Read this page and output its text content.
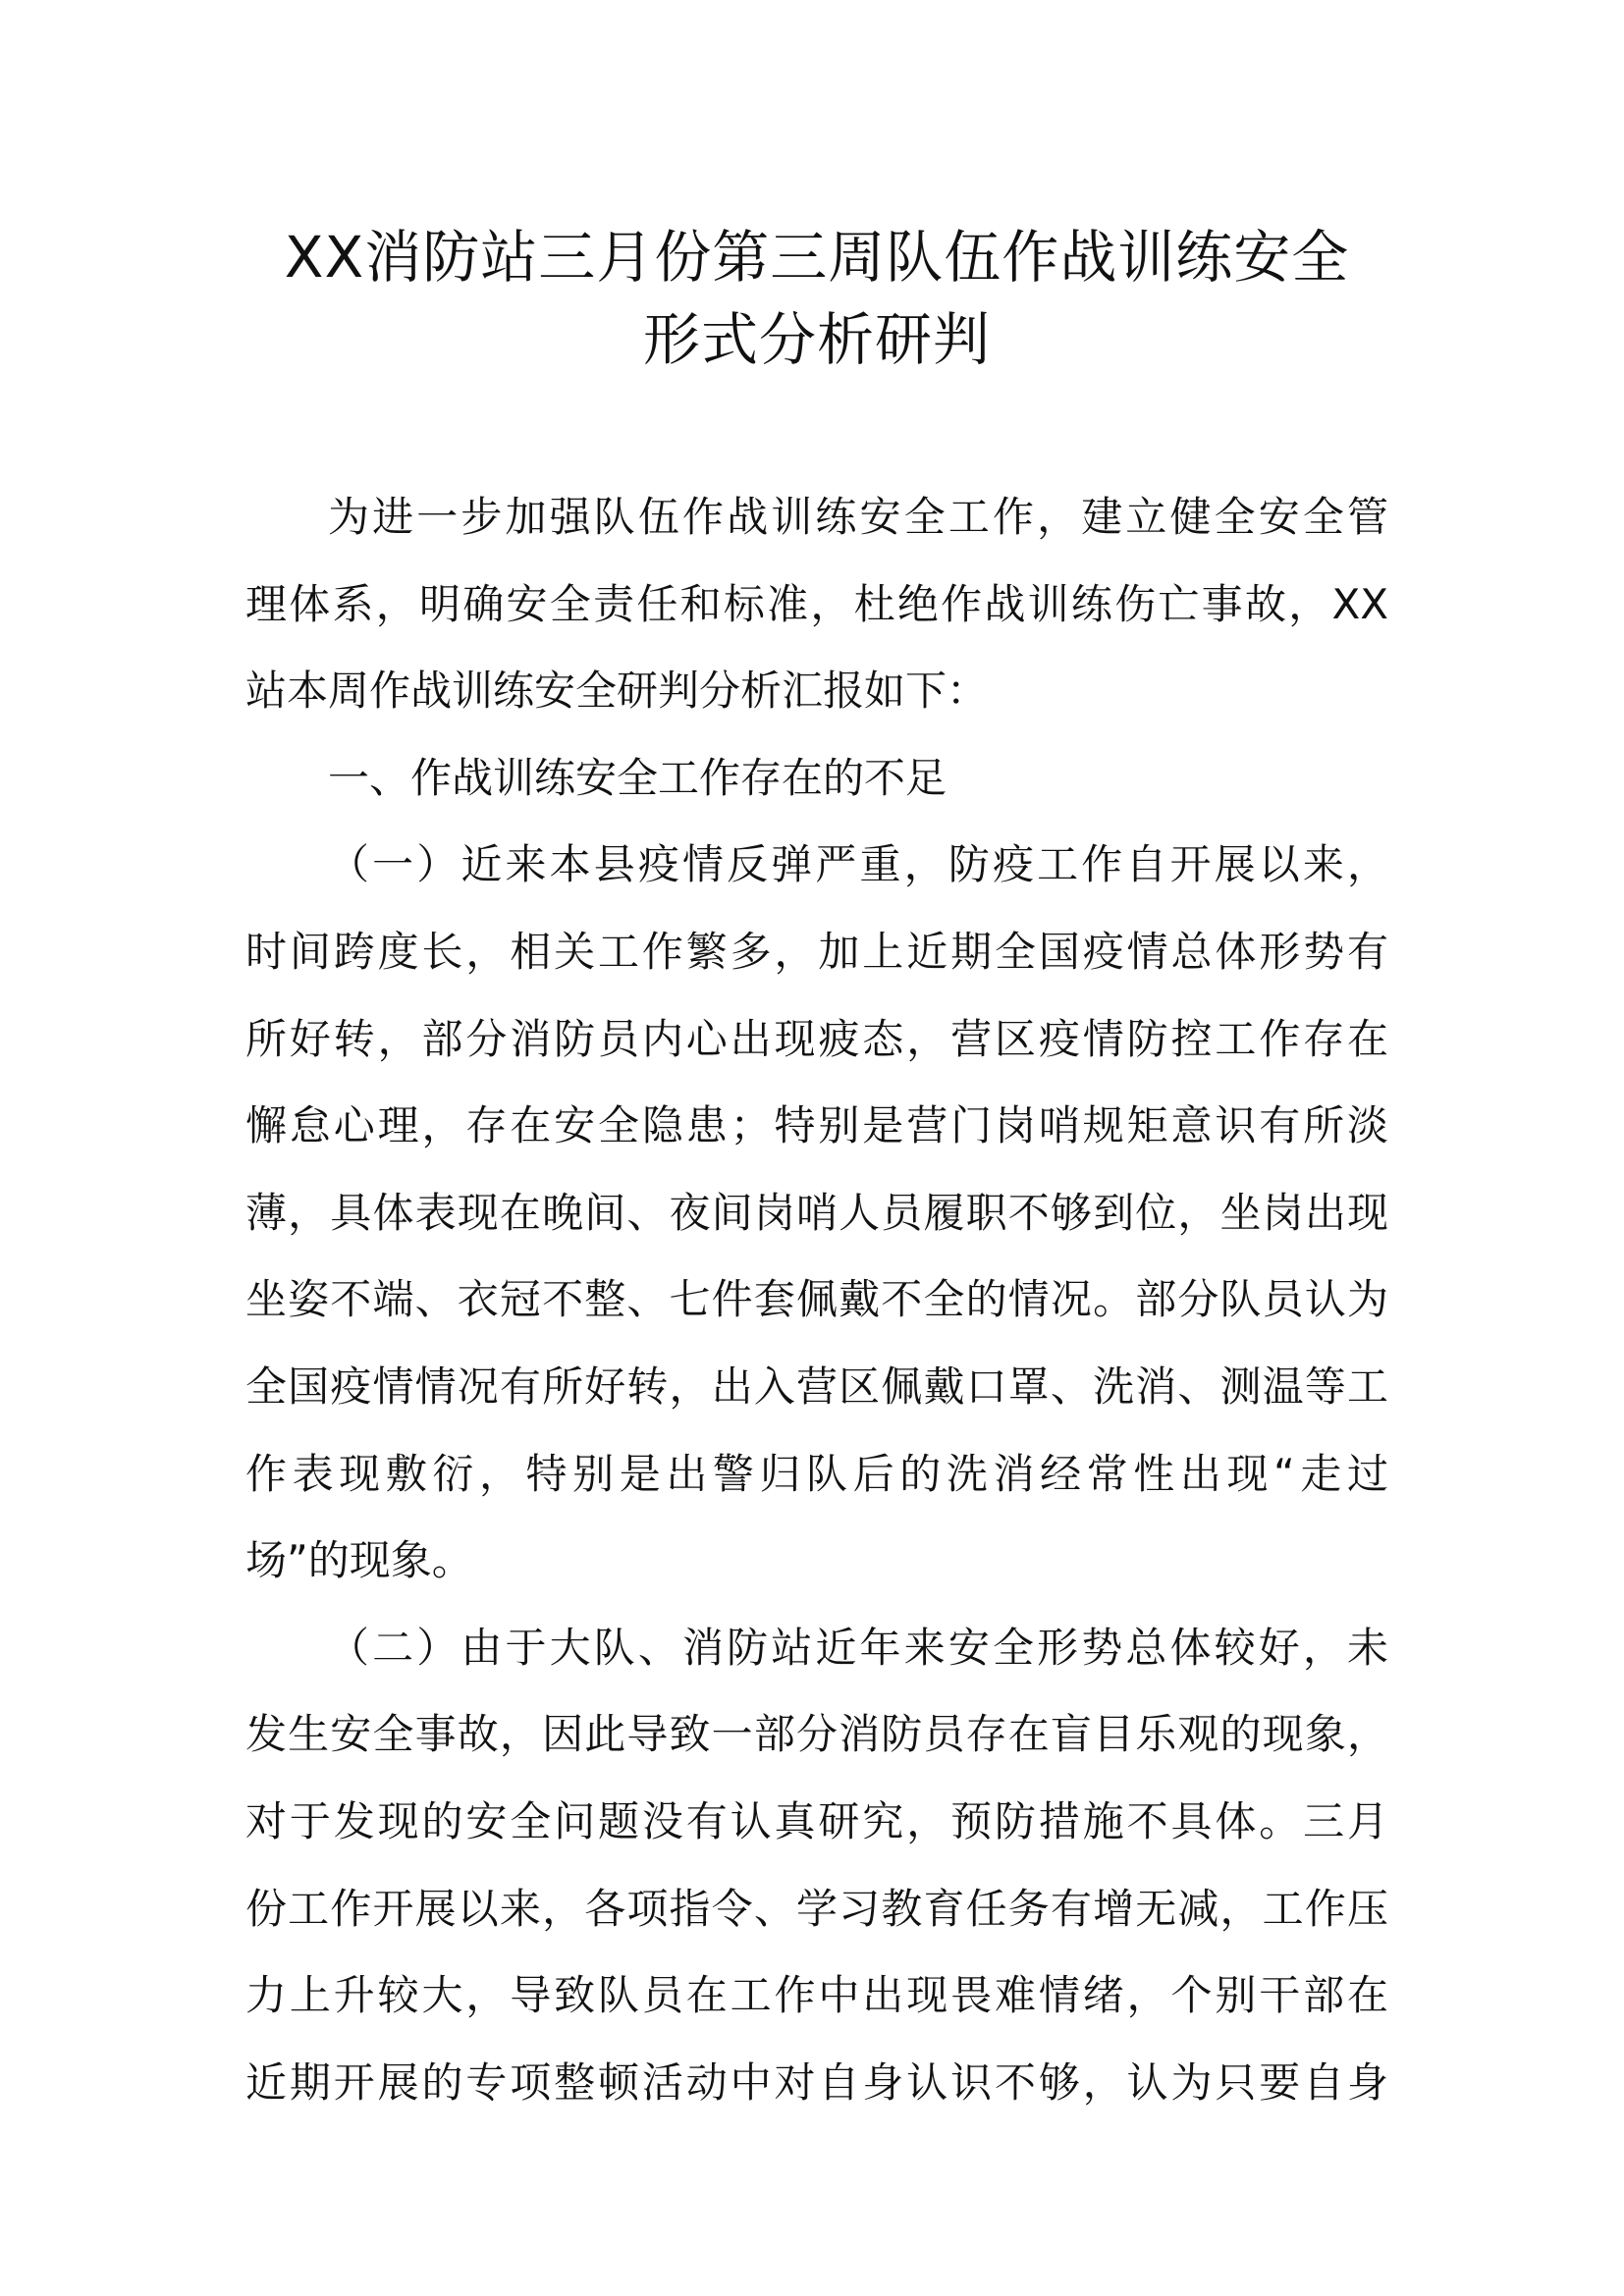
XX消防站三月份第三周队伍作战训练安全
形式分析研判
为进一步加强队伍作战训练安全工作，建立健全安全管
理体系，明确安全责任和标准，杜绝作战训练伤亡事故，XX
站本周作战训练安全研判分析汇报如下：
一、作战训练安全工作存在的不足
（一）近来本县疫情反弹严重，防疫工作自开展以来，
时间跨度长，相关工作繁多，加上近期全国疫情总体形势有
所好转，部分消防员内心出现疲态，营区疫情防控工作存在
懈怠心理，存在安全隐患；特别是营门岗哨规矩意识有所淡
薄，具体表现在晚间、夜间岗哨人员履职不够到位，坐岗出现
坐姿不端、衣冠不整、七件套佩戴不全的情况。部分队员认为
全国疫情情况有所好转，出入营区佩戴口罩、洗消、测温等工
作表现敷衍，特别是出警归队后的洗消经常性出现“走过
场”的现象。
（二）由于大队、消防站近年来安全形势总体较好，未
发生安全事故，因此导致一部分消防员存在盲目乐观的现象，
对于发现的安全问题没有认真研究，预防措施不具体。三月
份工作开展以来，各项指令、学习教育任务有增无减，工作压
力上升较大，导致队员在工作中出现畏难情绪，个别干部在
近期开展的专项整顿活动中对自身认识不够，认为只要自身
